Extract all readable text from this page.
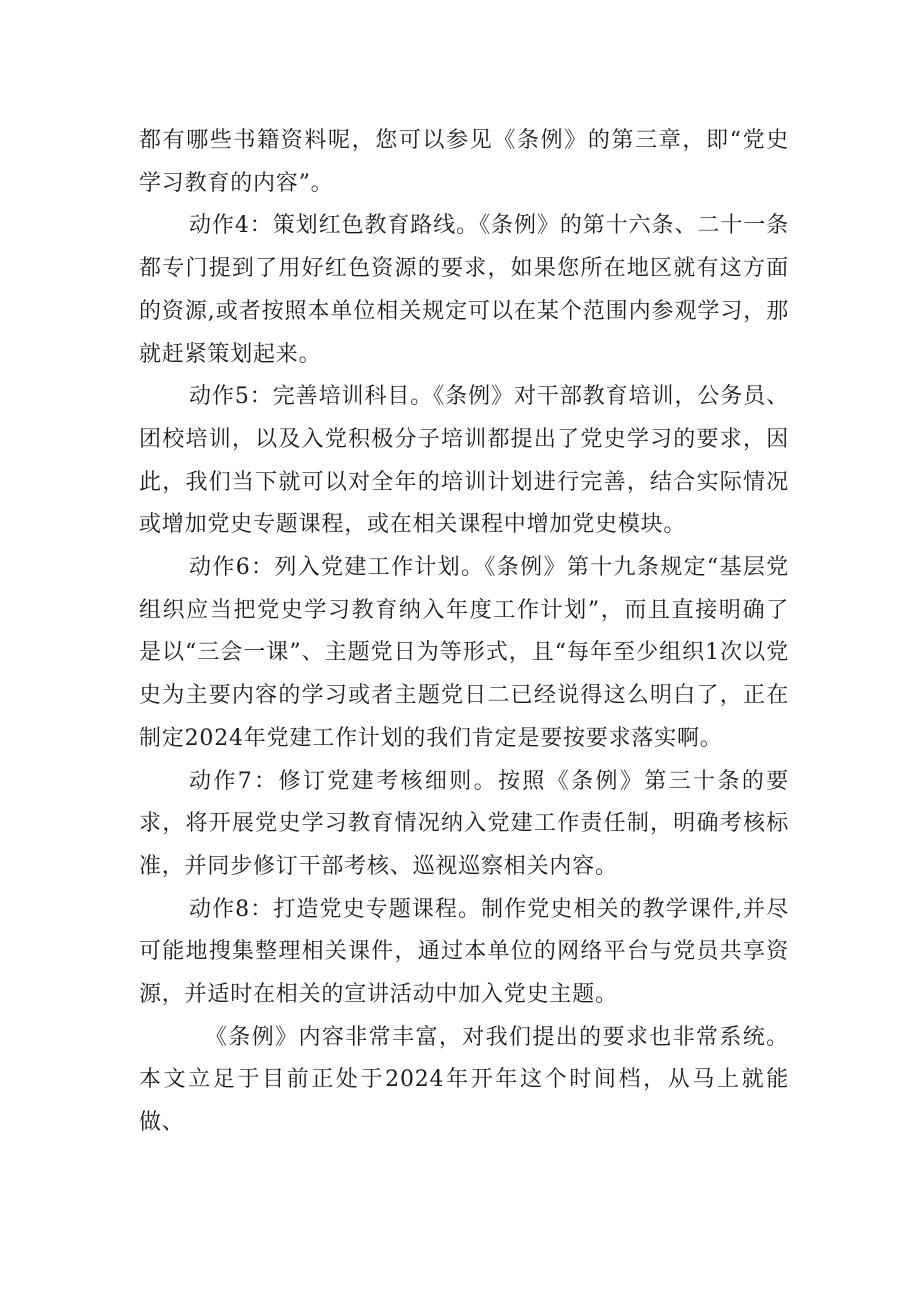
都有哪些书籍资料呢，您可以参见《条例》的第三章，即“党史学习教育的内容”。

动作4：策划红色教育路线。《条例》的第十六条、二十一条都专门提到了用好红色资源的要求，如果您所在地区就有这方面的资源,或者按照本单位相关规定可以在某个范围内参观学习，那就赶紧策划起来。

动作5：完善培训科目。《条例》对干部教育培训，公务员、团校培训，以及入党积极分子培训都提出了党史学习的要求，因此，我们当下就可以对全年的培训计划进行完善，结合实际情况或增加党史专题课程，或在相关课程中增加党史模块。

动作6：列入党建工作计划。《条例》第十九条规定“基层党组织应当把党史学习教育纳入年度工作计划”，而且直接明确了是以“三会一课”、主题党日为等形式，且“每年至少组织1次以党史为主要内容的学习或者主题党日二已经说得这么明白了，正在制定2024年党建工作计划的我们肯定是要按要求落实啊。

动作7：修订党建考核细则。按照《条例》第三十条的要求，将开展党史学习教育情况纳入党建工作责任制，明确考核标准，并同步修订干部考核、巡视巡察相关内容。

动作8：打造党史专题课程。制作党史相关的教学课件,并尽可能地搜集整理相关课件，通过本单位的网络平台与党员共享资源，并适时在相关的宣讲活动中加入党史主题。

《条例》内容非常丰富，对我们提出的要求也非常系统。本文立足于目前正处于2024年开年这个时间档，从马上就能做、
